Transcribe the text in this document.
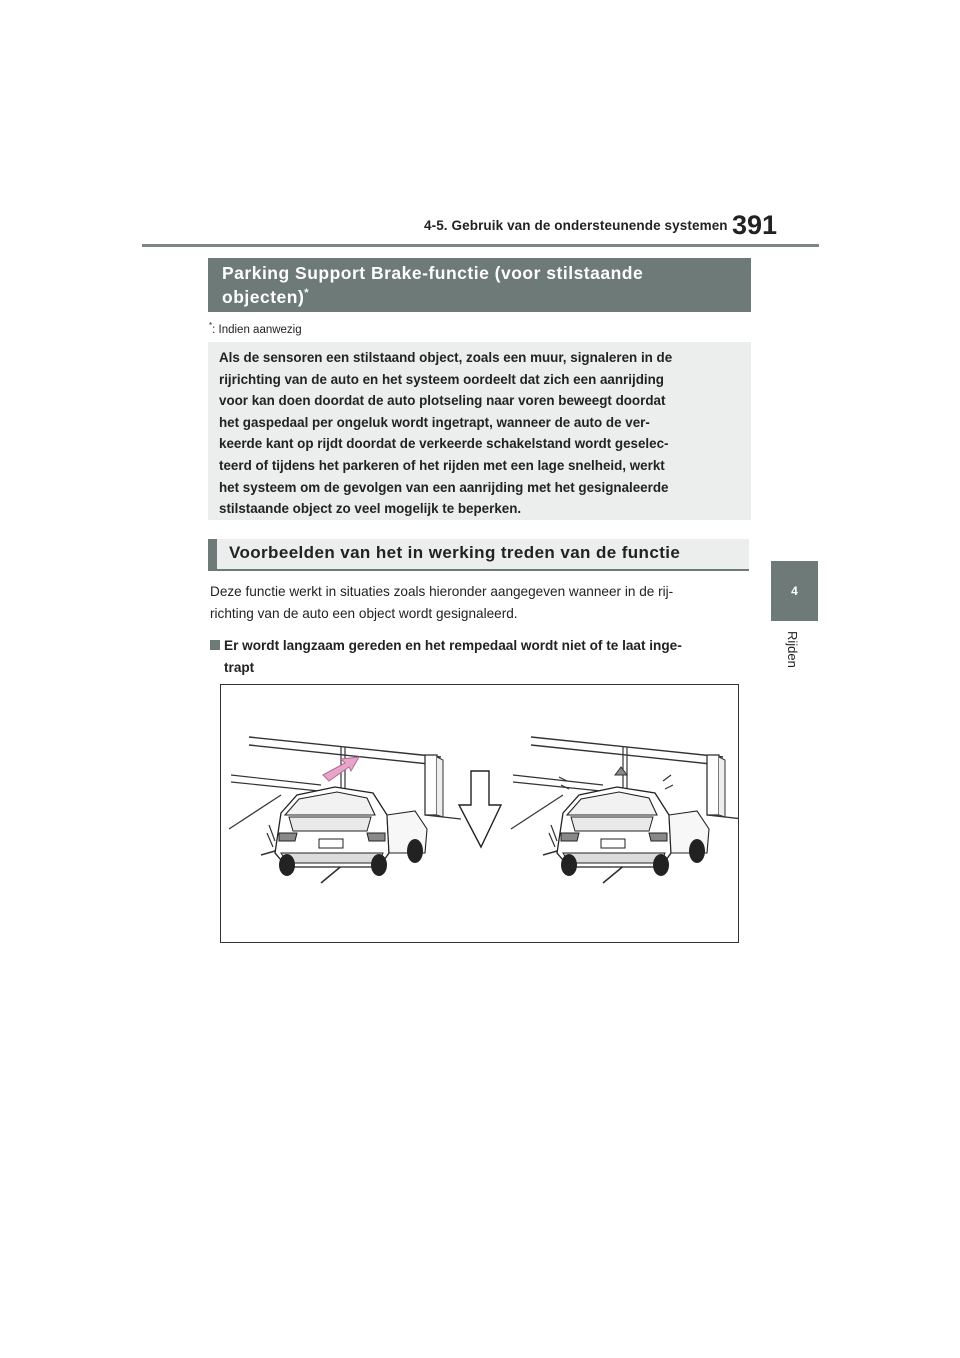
4-5. Gebruik van de ondersteunende systemen 391
4
Rijden
Parking Support Brake-functie (voor stilstaande
objecten)*
*: Indien aanwezig
Als de sensoren een stilstaand object, zoals een muur, signaleren in de
rijrichting van de auto en het systeem oordeelt dat zich een aanrijding
voor kan doen doordat de auto plotseling naar voren beweegt doordat
het gaspedaal per ongeluk wordt ingetrapt, wanneer de auto de ver-
keerde kant op rijdt doordat de verkeerde schakelstand wordt geselec-
teerd of tijdens het parkeren of het rijden met een lage snelheid, werkt
het systeem om de gevolgen van een aanrijding met het gesignaleerde
stilstaande object zo veel mogelijk te beperken.
Voorbeelden van het in werking treden van de functie
Deze functie werkt in situaties zoals hieronder aangegeven wanneer in de rij-
richting van de auto een object wordt gesignaleerd.
Er wordt langzaam gereden en het rempedaal wordt niet of te laat inge-
trapt
